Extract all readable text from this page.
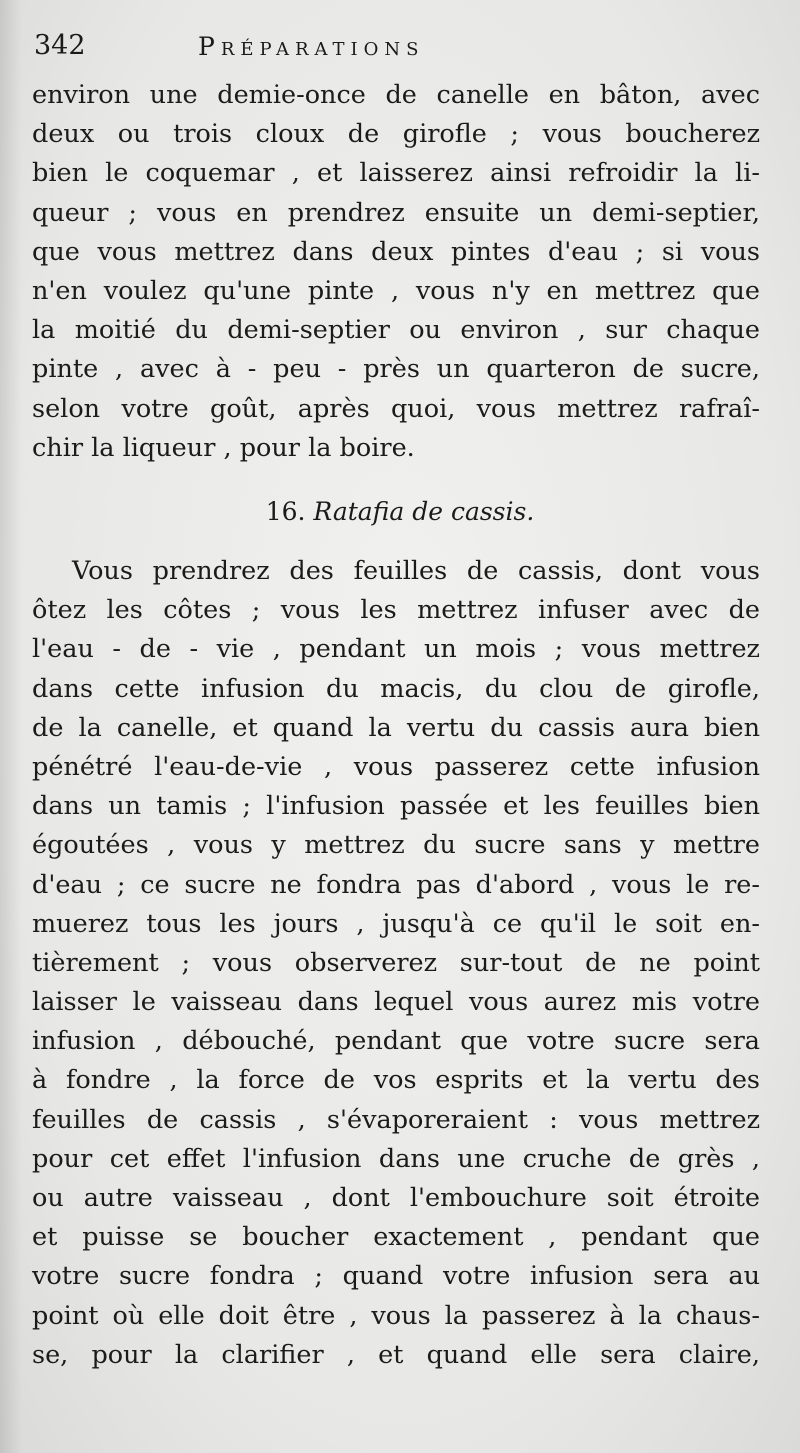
342	Préparations
environ une demie-once de canelle en bâton, avec
deux ou trois cloux de girofle ; vous boucherez
bien le coquemar , et laisserez ainsi refroidir la li-
queur ; vous en prendrez ensuite un demi-septier,
que vous mettrez dans deux pintes d'eau ; si vous
n'en voulez qu'une pinte , vous n'y en mettrez que
la moitié du demi-septier ou environ , sur chaque
pinte , avec à - peu - près un quarteron de sucre,
selon votre goût, après quoi, vous mettrez rafraî-
chir la liqueur , pour la boire.
16. Ratafia de cassis.
Vous prendrez des feuilles de cassis, dont vous
ôtez les côtes ; vous les mettrez infuser avec de
l'eau - de - vie , pendant un mois ; vous mettrez
dans cette infusion du macis, du clou de girofle,
de la canelle, et quand la vertu du cassis aura bien
pénétré l'eau-de-vie , vous passerez cette infusion
dans un tamis ; l'infusion passée et les feuilles bien
égoutées , vous y mettrez du sucre sans y mettre
d'eau ; ce sucre ne fondra pas d'abord , vous le re-
muerez tous les jours , jusqu'à ce qu'il le soit en-
tièrement ; vous observerez sur-tout de ne point
laisser le vaisseau dans lequel vous aurez mis votre
infusion , débouché, pendant que votre sucre sera
à fondre , la force de vos esprits et la vertu des
feuilles de cassis , s'évaporeraient : vous mettrez
pour cet effet l'infusion dans une cruche de grès ,
ou autre vaisseau , dont l'embouchure soit étroite
et puisse se boucher exactement , pendant que
votre sucre fondra ; quand votre infusion sera au
point où elle doit être , vous la passerez à la chaus-
se, pour la clarifier , et quand elle sera claire,
